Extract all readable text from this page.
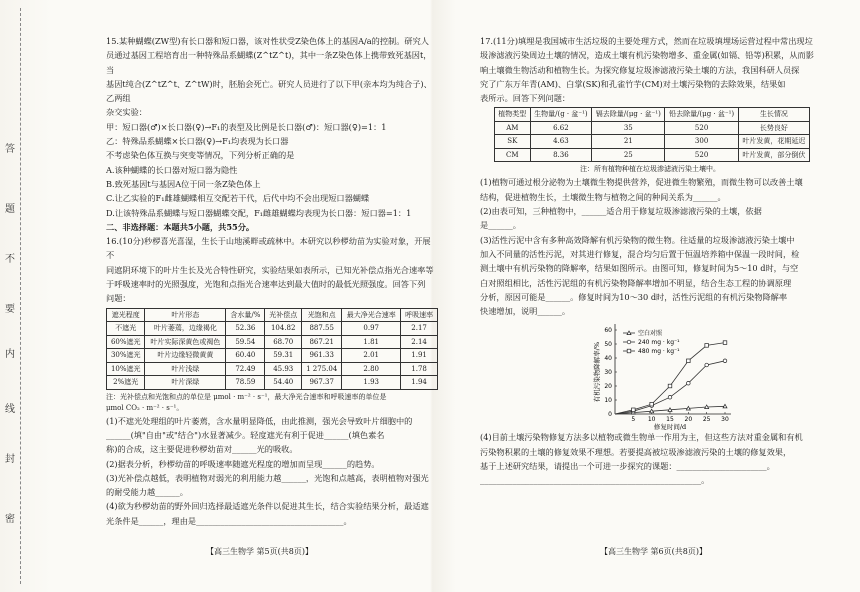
答
题
不
要
内
线
封
密

15.某种蝴蝶(ZW型)有长口器和短口器，该对性状受Z染色体上的基因A/a的控制。研究人

员通过基因工程培育出一种特殊品系蝴蝶(Z^tZ^t)，其中一条Z染色体上携带致死基因t，当

基因t纯合(Z^tZ^t、Z^tW)时，胚胎会死亡。研究人员进行了以下甲(亲本均为纯合子)、乙两组

杂交实验：

甲：短口器(♂)×长口器(♀)→F₁的表型及比例是长口器(♂)：短口器(♀)=1：1

乙：特殊品系蝴蝶×长口器(♀)→F₁均表现为长口器

不考虑染色体互换与突变等情况，下列分析正确的是

A.该种蝴蝶的长口器对短口器为隐性

B.致死基因t与基因A位于同一条Z染色体上

C.让乙实验的F₁雌雄蝴蝶相互交配若干代，后代中均不会出现短口器蝴蝶

D.让该特殊品系蝴蝶与短口器蝴蝶交配，F₁雌雄蝴蝶均表现为长口器：短口器=1：1

二、非选择题：本题共5小题，共55分。

16.(10分)秒椤喜光喜湿，生长于山地溪畔或疏林中。本研究以秒椤幼苗为实验对象，开展不

同遮阴环境下的叶片生长及光合特性研究，实验结果如表所示，已知光补偿点指光合速率等

于呼吸速率时的光照强度，光饱和点指光合速率达到最大值时的最低光照强度。回答下列

问题：

遮光程度	叶片形态	含水量/%	光补偿点	光饱和点	最大净光合速率	呼吸速率
不遮光	叶片萎蔫，边缘褐化	52.36	104.82	887.55	0.97	2.17
60%遮光	叶片实际深黄色或褐色	59.54	68.70	867.21	1.81	2.14
30%遮光	叶片边缘轻微黄黄	60.40	59.31	961.33	2.01	1.91
10%遮光	叶片浅绿	72.49	45.93	1 275.04	2.80	1.78
2%遮光	叶片深绿	78.59	54.40	967.37	1.93	1.94

注：光补偿点和光饱和点的单位是 μmol · m⁻² · s⁻¹，最大净光合速率和呼吸速率的单位是

μmol CO₂ · m⁻² · s⁻¹。

(1)不遮光处理组的叶片萎蔫，含水量明显降低，由此推测，强光会导致叶片细胞中的

______(填"自由"或"结合")水显著减少。轻度遮光有利于促进______(填色素名

称)的合成，这主要促进秒椤幼苗对______光的吸收。

(2)据表分析，秒椤幼苗的呼吸速率随遮光程度的增加而呈现______的趋势。

(3)光补偿点越低，表明植物对弱光的利用能力越______，光饱和点越高，表明植物对强光

的耐受能力越______。

(4)欲为秒椤幼苗的野外回归选择最适遮光条件以促进其生长，结合实验结果分析，最适遮

光条件是______，理由是____________________________________。

【高三生物学 第5页(共8页)】

17.(11分)填埋是我国城市生活垃圾的主要处理方式，然而在垃圾填埋场运营过程中常出现垃

圾渗滤液污染周边土壤的情况，造成土壤有机污染物增多、重金属(如镉、铅等)积累，从而影

响土壤微生物活动和植物生长。为探究修复垃圾渗滤液污染土壤的方法，我国科研人员探

究了广东万年青(AM)、白掌(SK)和孔雀竹芋(CM)对土壤污染物的去除效果，结果如

表所示。回答下列问题：

植物类型	生物量/(g · 盆⁻¹)	镉去除量/(μg · 盆⁻¹)	铅去除量/(μg · 盆⁻¹)	生长情况
AM	6.62	35	520	长势良好
SK	4.63	21	300	叶片发黄，花期延迟
CM	8.36	25	520	叶片发黄，部分倒伏

注：所有植物种植在垃圾渗滤液污染土壤中。

(1)植物可通过根分泌物为土壤微生物提供营养，促进微生物繁殖，而微生物可以改善土壤

结构，促进植物生长，土壤微生物与植物之间的种间关系为______。

(2)由表可知，三种植物中，______适合用于修复垃圾渗滤液污染的土壤，依据

是______。

(3)活性污泥中含有多种高效降解有机污染物的微生物。往适量的垃圾渗滤液污染土壤中

加入不同量的活性污泥，对其进行修复，混合均匀后置于恒温培养箱中保温一段时间，检

测土壤中有机污染物的降解率，结果如图所示。由图可知，修复时间为5～10 d时，与空

白对照组相比，活性污泥组的有机污染物降解率增加不明显，结合生态工程的协调原理

分析，原因可能是______。修复时间为10～30 d时，活性污泥组的有机污染物降解率

快速增加，说明______。

0
10
20
30
40
50
60
5 10 15 20 25 30
修复时间/d
有机污染物降解率/%
空白对照
240 mg · kg⁻¹
480 mg · kg⁻¹

(4)目前土壤污染物修复方法多以植物或微生物单一作用为主，但这些方法对重金属和有机

污染物积累的土壤的修复效果不理想。若要提高被垃圾渗滤液污染的土壤的修复效果，

基于上述研究结果，请提出一个可进一步探究的课题：______________________。

______________________________________________________。

【高三生物学 第6页(共8页)】
